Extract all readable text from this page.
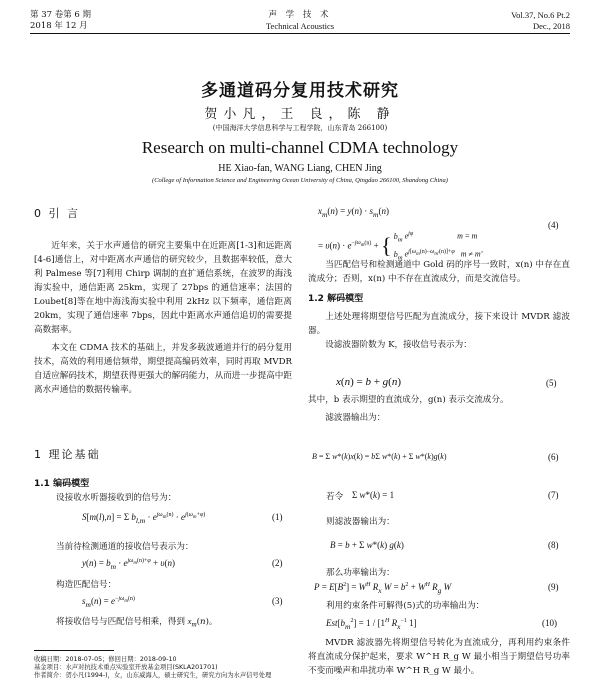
第 37 卷第 6 期
2018 年 12 月
声 学 技 术
Technical Acoustics
Vol.37, No.6 Pt.2
Dec., 2018
多通道码分复用技术研究
贺小凡，王 良，陈 静
(中国海洋大学信息科学与工程学院，山东青岛 266100)
Research on multi-channel CDMA technology
HE Xiao-fan, WANG Liang, CHEN Jing
(College of Information Science and Engineering Ocean University of China, Qingdao 266100, Shandong China)
0 引 言

近年来，关于水声通信的研究主要集中在近距离[1-3]和远距离[4-6]通信上，对中距离水声通信的研究较少，且数据率较低，意大利 Palmese 等[7]利用 Chirp 调制的直扩通信系统，在波罗的海浅海实验中，通信距离 25km，实现了 27bps 的通信速率；法国的 Loubet[8]等在地中海浅海实验中利用 2kHz 以下频率，通信距离 20km，实现了通信速率 7bps，因此中距离水声通信追切的需要提高数据率。

本文在 CDMA 技术的基础上，并发多载波通道并行的码分复用技术，高效的利用通信频带，期望提高编码效率，同时再取 MVDR 自适应解码技术，期望获得更强大的解码能力，从而进一步提高中距离水声通信的数据传输率。

1 理论基础
1.1 编码模型
设接收水听器接收到的信号为：
S[m(l),n] = Σ $b_{l,m} \cdot e^{j\omega_m(n)} \cdot e^{j(\omega_m+\varphi)}$	(1)
当前待检测通道的接收信号表示为：
$y(n) = b_m \cdot e^{j\omega_m(n)+\varphi} + \upsilon(n)$	(2)
构造匹配信号：
$s_m(n) = e^{-j\omega_m(n)}$	(3)
将接收信号与匹配信号相乘，得到 $x_m(n)$。
收稿日期：2018-07-05；修回日期：2018-09-10
基金项目：水声对抗技术重点实验室开放基金项目(SKLA201701)
作者简介：贺小凡(1994-)，女，山东威海人，硕士研究生，研究方向为水声信号处理
$x_m(n) = y(n) \cdot s_m(n)$
= $\upsilon(n) \cdot e^{-j\omega_m(n)}$ + { $b_m$ $e^{j\varphi}$	m = m
$b_m$ $e^{j[\omega_m(n)-\omega_{m'}(n)]+\varphi}$ m ≠ m'
(4)

当匹配信号和检测通道中 Gold 码的序号一致时，x(n) 中存在直流成分；否则，x(n) 中不存在直流成分，而是交流信号。

1.2 解码模型

上述处理将期望信号匹配为直流成分，接下来设计 MVDR 滤波器。

设滤波器阶数为 K，接收信号表示为：

x(n) = b + g(n)	(5)

其中，b 表示期望的直流成分，g(n) 表示交流成分。

滤波器输出为：

B = Σ w*(k)x(k) = bΣ w*(k) + Σ w*(k)g(k)	(6)
若令 Σ w*(k) = 1	(7)
则滤波器输出为：
B = b + Σ w*(k) g(k)	(8)
那么功率输出为：
$P = E[B^2] = W^H$ $R_x$ $W = b^2 + W^H$ $R_g$ W	(9)
利用约束条件可解得(5)式的功率输出为：
$Est[b_m^2] = 1 / [1^H$ $R_x^{-1}$ 1]	(10)

MVDR 滤波器先将期望信号转化为直流成分，再利用约束条件将直流成分保护起来，要求 W^H R_g W 最小相当于期望信号功率不变而噪声和串扰功率 W^H R_g W 最小。
